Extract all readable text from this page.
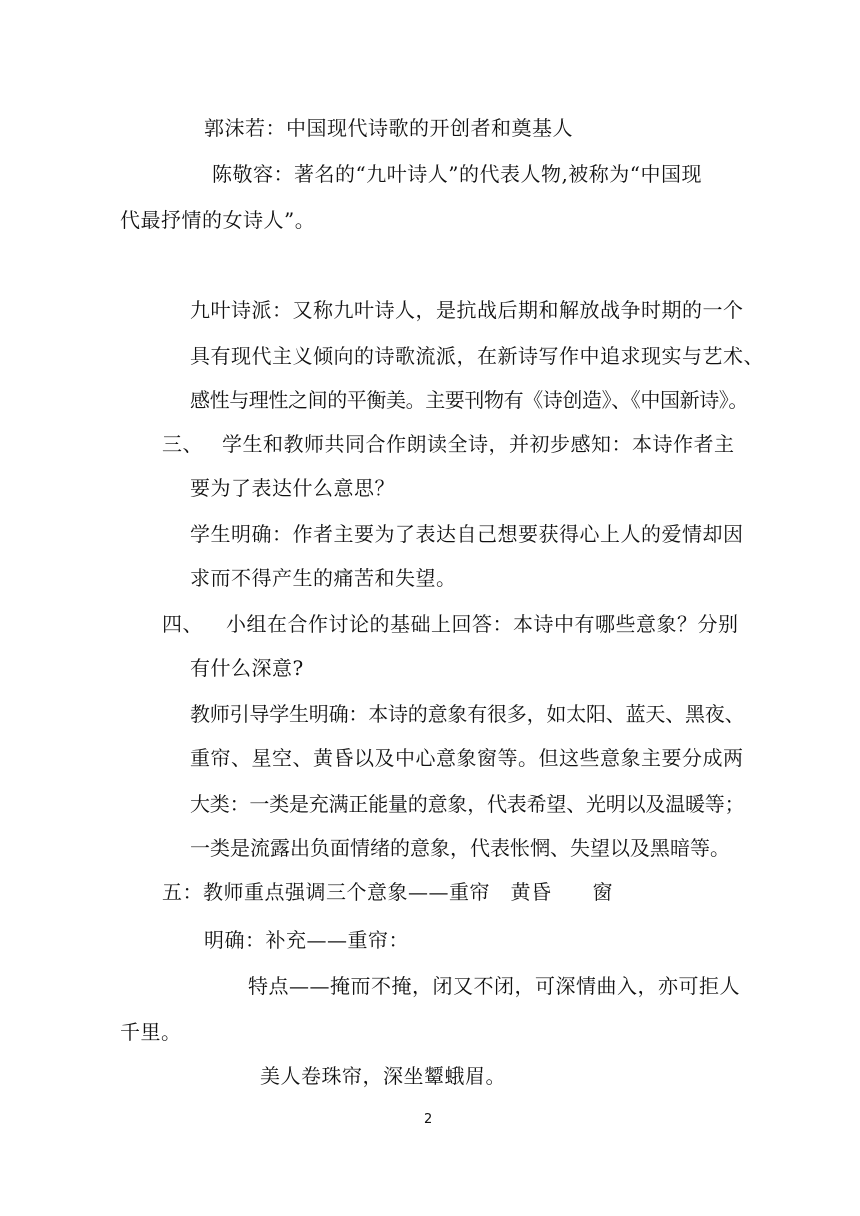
郭沫若：中国现代诗歌的开创者和奠基人
陈敬容：著名的“九叶诗人”的代表人物,被称为“中国现
代最抒情的女诗人”。
九叶诗派：又称九叶诗人，是抗战后期和解放战争时期的一个
具有现代主义倾向的诗歌流派，在新诗写作中追求现实与艺术、
感性与理性之间的平衡美。主要刊物有《诗创造》、《中国新诗》。
三、 学生和教师共同合作朗读全诗，并初步感知：本诗作者主
要为了表达什么意思？
学生明确：作者主要为了表达自己想要获得心上人的爱情却因
求而不得产生的痛苦和失望。
四、 小组在合作讨论的基础上回答：本诗中有哪些意象？分别
有什么深意?
教师引导学生明确：本诗的意象有很多，如太阳、蓝天、黑夜、
重帘、星空、黄昏以及中心意象窗等。但这些意象主要分成两
大类：一类是充满正能量的意象，代表希望、光明以及温暖等；
一类是流露出负面情绪的意象，代表怅惘、失望以及黑暗等。
五：教师重点强调三个意象——重帘　黄昏　　窗
明确：补充——重帘：
特点——掩而不掩，闭又不闭，可深情曲入，亦可拒人
千里。
美人卷珠帘，深坐颦蛾眉。
2
